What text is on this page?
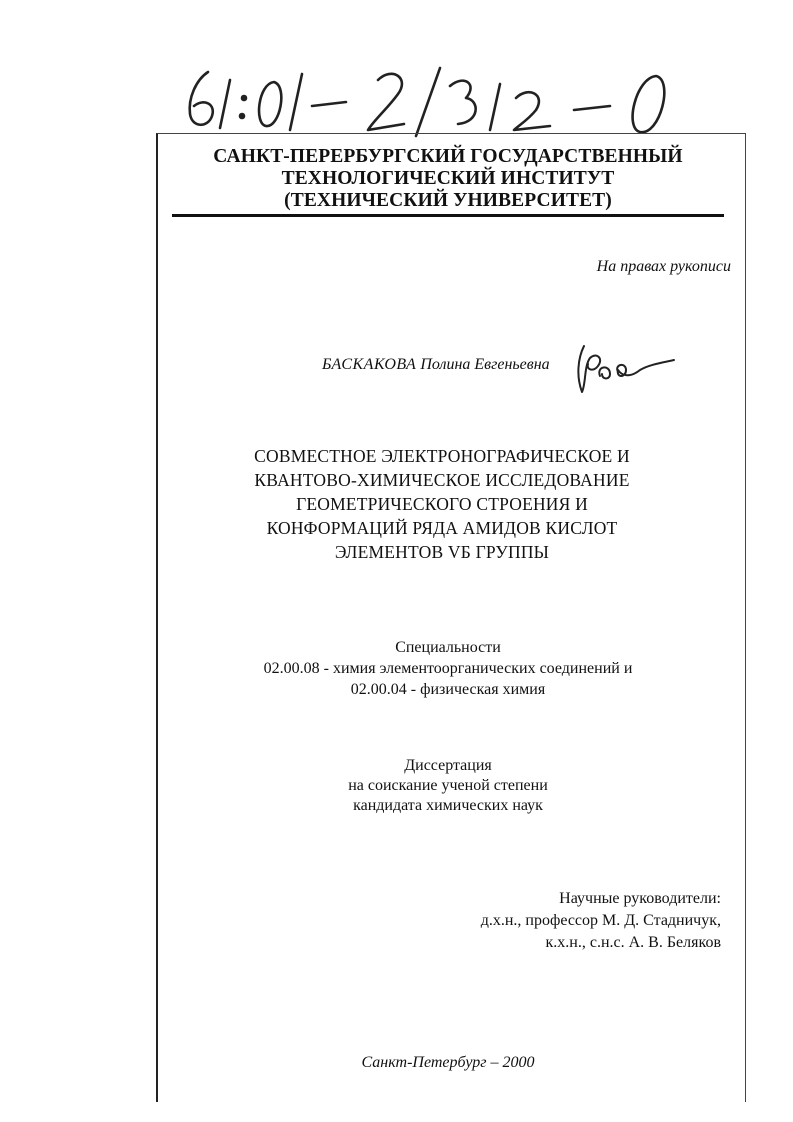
САНКТ-ПЕРЕРБУРГСКИЙ ГОСУДАРСТВЕННЫЙ
ТЕХНОЛОГИЧЕСКИЙ ИНСТИТУТ
(ТЕХНИЧЕСКИЙ УНИВЕРСИТЕТ)
На правах рукописи
БАСКАКОВА Полина Евгеньевна
СОВМЕСТНОЕ ЭЛЕКТРОНОГРАФИЧЕСКОЕ И
КВАНТОВО-ХИМИЧЕСКОЕ ИССЛЕДОВАНИЕ
ГЕОМЕТРИЧЕСКОГО СТРОЕНИЯ И
КОНФОРМАЦИЙ РЯДА АМИДОВ КИСЛОТ
ЭЛЕМЕНТОВ VБ ГРУППЫ
Специальности
02.00.08 - химия элементоорганических соединений и
02.00.04 - физическая химия
Диссертация
на соискание ученой степени
кандидата химических наук
Научные руководители:
д.х.н., профессор М. Д. Стадничук,
к.х.н., с.н.с. А. В. Беляков
Санкт-Петербург – 2000
